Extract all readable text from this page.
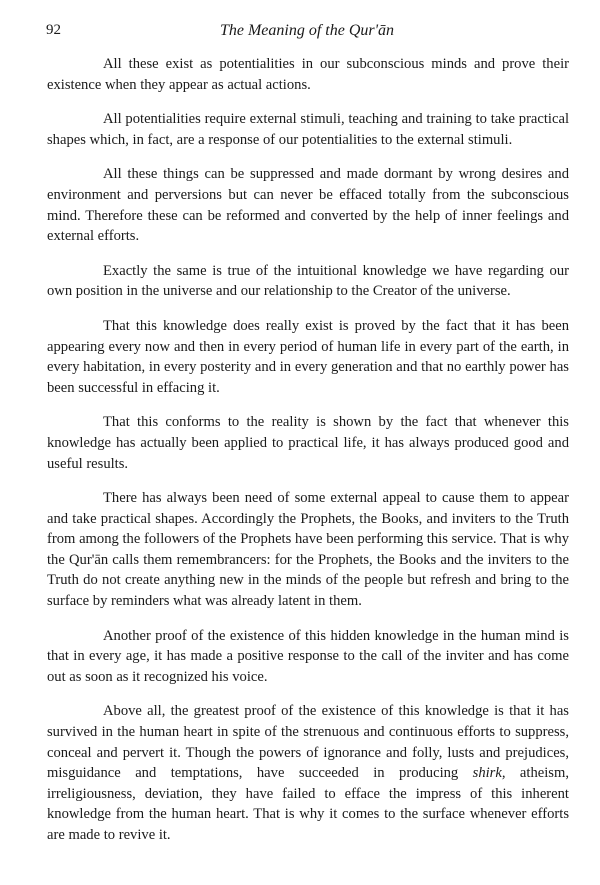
92	The Meaning of the Qur'ān

All these exist as potentialities in our subconscious minds and prove their existence when they appear as actual actions.

All potentialities require external stimuli, teaching and training to take practical shapes which, in fact, are a response of our potentialities to the external stimuli.

All these things can be suppressed and made dormant by wrong desires and environment and perversions but can never be effaced totally from the subconscious mind. Therefore these can be reformed and converted by the help of inner feelings and external efforts.

Exactly the same is true of the intuitional knowledge we have regarding our own position in the universe and our relationship to the Creator of the universe.

That this knowledge does really exist is proved by the fact that it has been appearing every now and then in every period of human life in every part of the earth, in every habitation, in every posterity and in every generation and that no earthly power has been successful in effacing it.

That this conforms to the reality is shown by the fact that whenever this knowledge has actually been applied to practical life, it has always produced good and useful results.

There has always been need of some external appeal to cause them to appear and take practical shapes. Accordingly the Prophets, the Books, and inviters to the Truth from among the followers of the Prophets have been performing this service. That is why the Qur'ān calls them remembrancers: for the Prophets, the Books and the inviters to the Truth do not create anything new in the minds of the people but refresh and bring to the surface by reminders what was already latent in them.

Another proof of the existence of this hidden knowledge in the human mind is that in every age, it has made a positive response to the call of the inviter and has come out as soon as it recognized his voice.

Above all, the greatest proof of the existence of this knowledge is that it has survived in the human heart in spite of the strenuous and continuous efforts to suppress, conceal and pervert it. Though the powers of ignorance and folly, lusts and prejudices, misguidance and temptations, have succeeded in producing shirk, atheism, irreligiousness, deviation, they have failed to efface the impress of this inherent knowledge from the human heart. That is why it comes to the surface whenever efforts are made to revive it.
